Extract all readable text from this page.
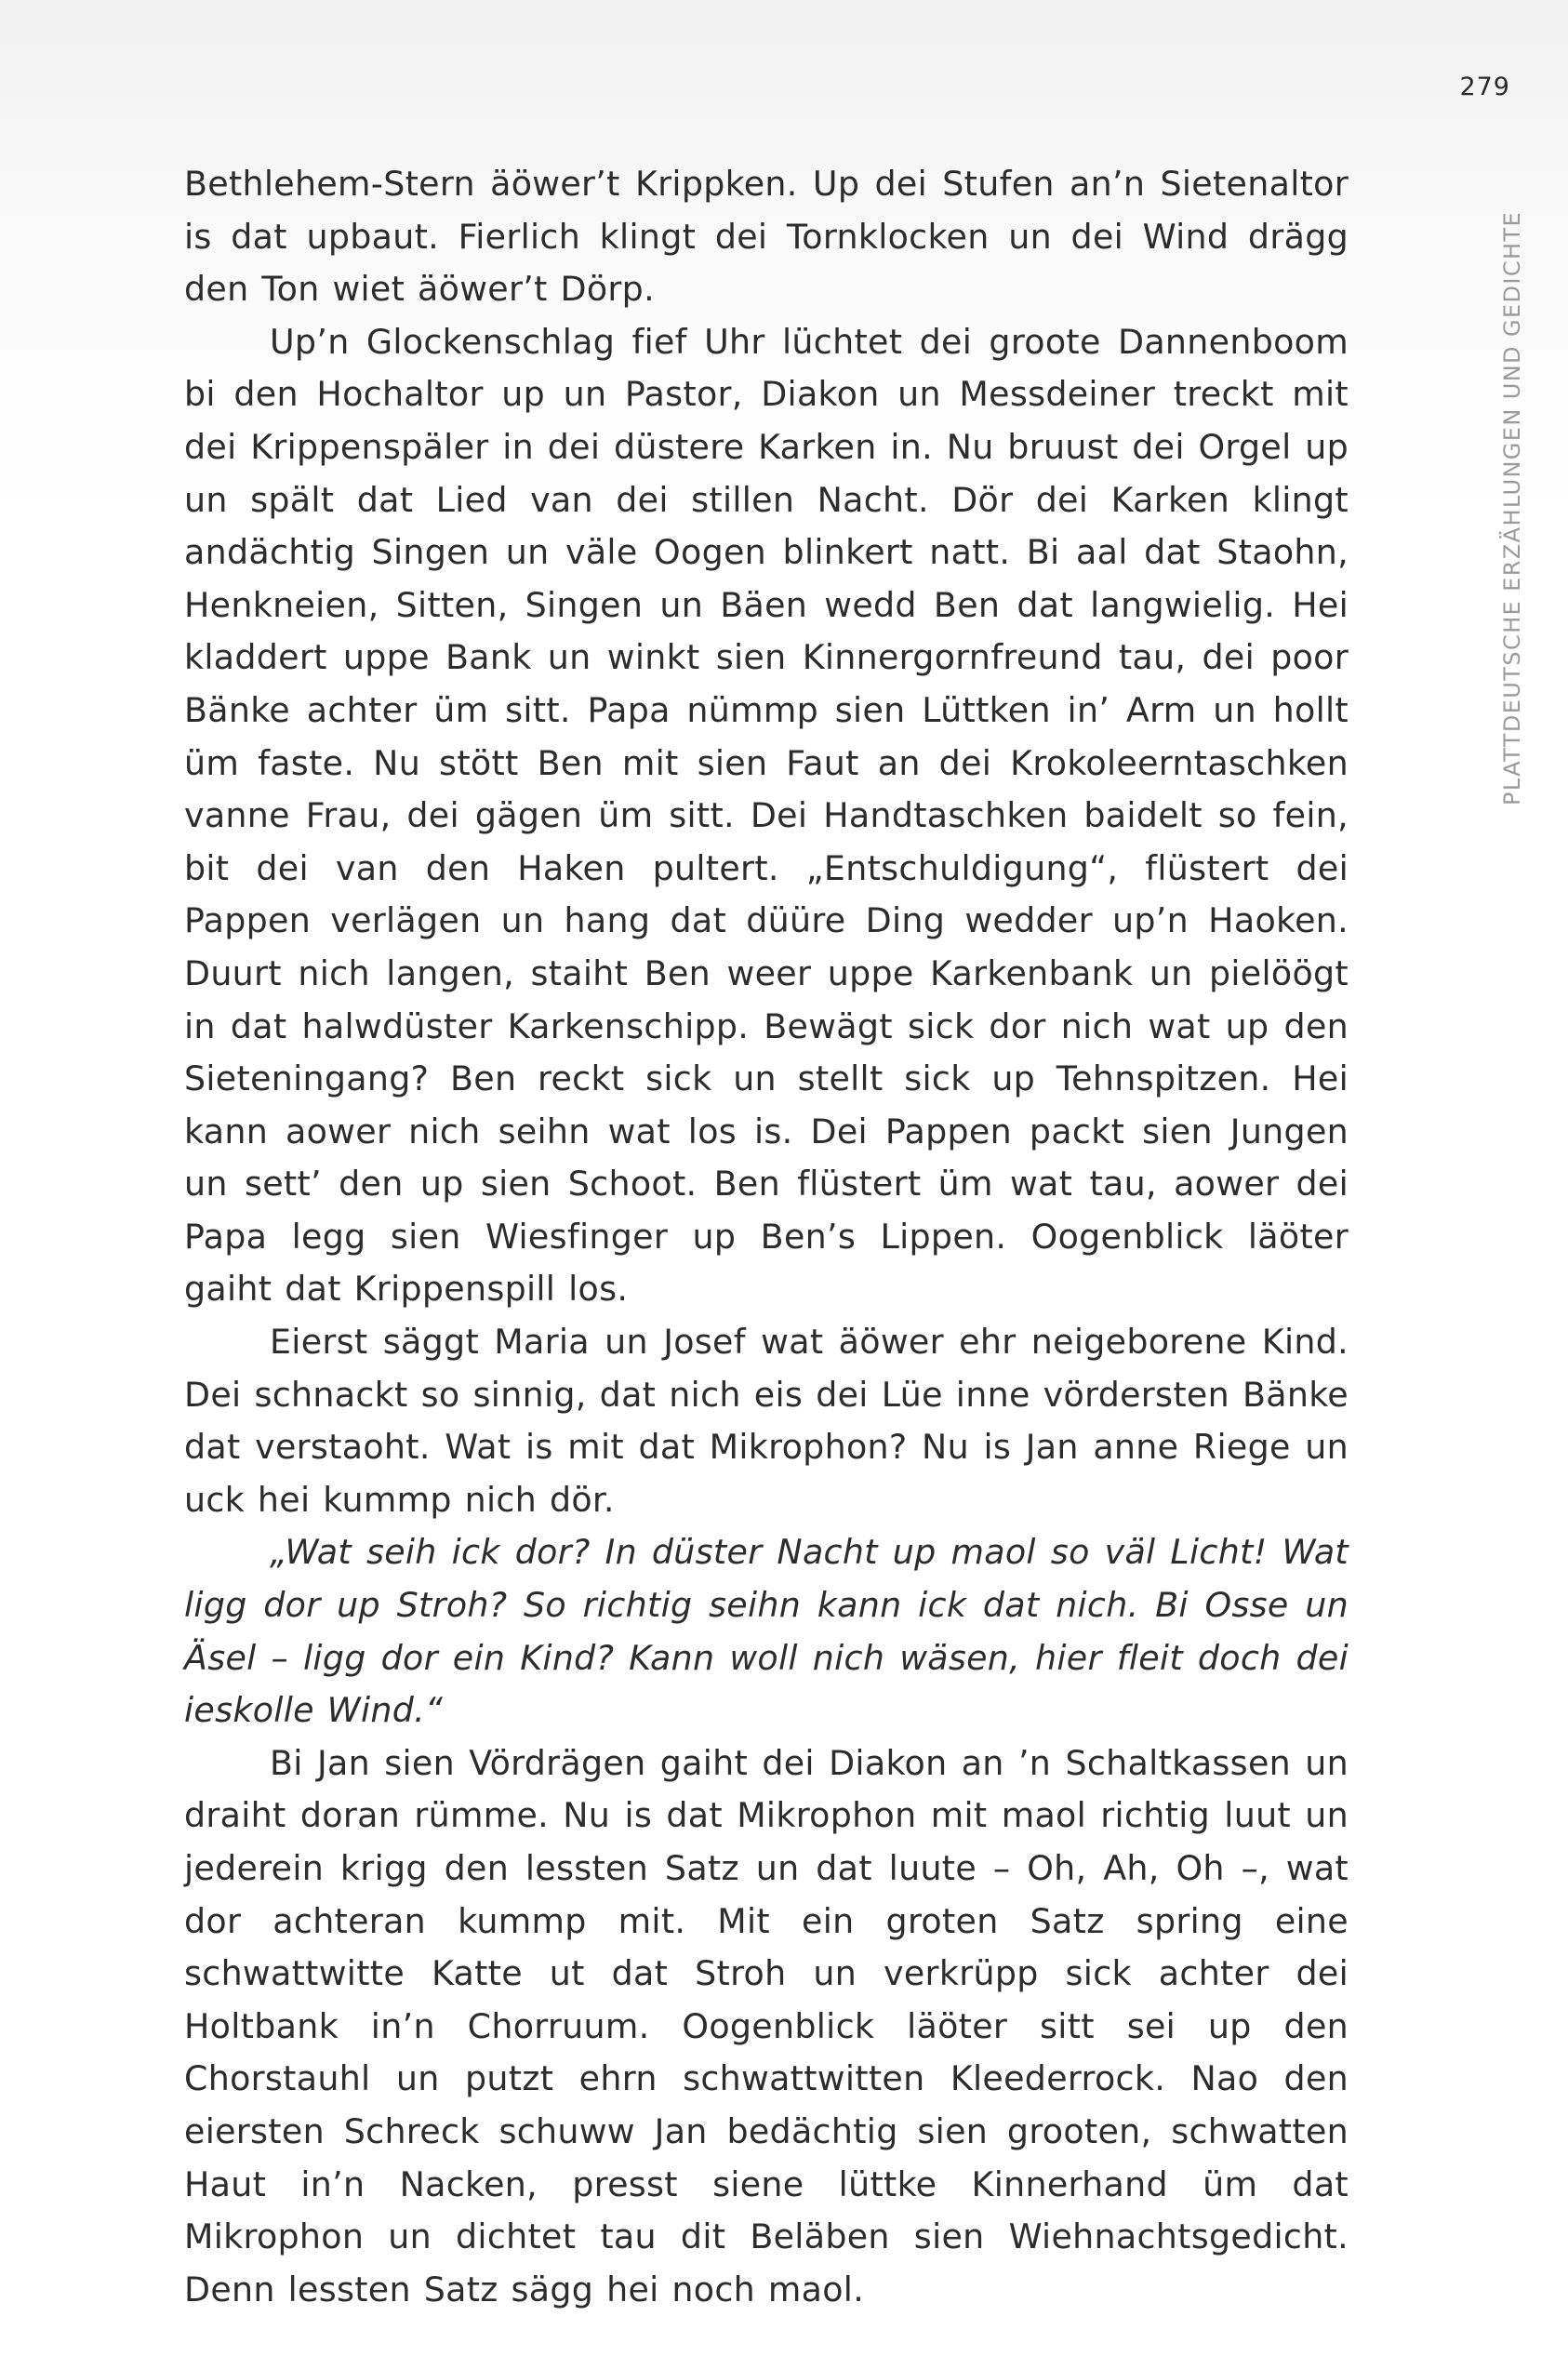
279
PLATTDEUTSCHE ERZÄHLUNGEN UND GEDICHTE

Bethlehem-Stern äöwer’t Krippken. Up dei Stufen an’n Sietenaltor is dat upbaut. Fierlich klingt dei Tornklocken un dei Wind drägg den Ton wiet äöwer’t Dörp.

Up’n Glockenschlag fief Uhr lüchtet dei groote Dannenboom bi den Hochaltor up un Pastor, Diakon un Messdeiner treckt mit dei Krippenspäler in dei düstere Karken in. Nu bruust dei Orgel up un spält dat Lied van dei stillen Nacht. Dör dei Karken klingt andächtig Singen un väle Oogen blinkert natt. Bi aal dat Staohn, Henkneien, Sitten, Singen un Bäen wedd Ben dat langwielig. Hei kladdert uppe Bank un winkt sien Kinnergornfreund tau, dei poor Bänke achter üm sitt. Papa nümmp sien Lüttken in’ Arm un hollt üm faste. Nu stött Ben mit sien Faut an dei Krokoleerntaschken vanne Frau, dei gägen üm sitt. Dei Handtaschken baidelt so fein, bit dei van den Haken pultert. „Entschuldigung“, flüstert dei Pappen verlägen un hang dat düüre Ding wedder up’n Haoken. Duurt nich langen, staiht Ben weer uppe Karkenbank un pielöögt in dat halwdüster Karkenschipp. Bewägt sick dor nich wat up den Sieteningang? Ben reckt sick un stellt sick up Tehnspitzen. Hei kann aower nich seihn wat los is. Dei Pappen packt sien Jungen un sett’ den up sien Schoot. Ben flüstert üm wat tau, aower dei Papa legg sien Wiesfinger up Ben’s Lippen. Oogenblick läöter gaiht dat Krippenspill los.

Eierst säggt Maria un Josef wat äöwer ehr neigeborene Kind. Dei schnackt so sinnig, dat nich eis dei Lüe inne vördersten Bänke dat verstaoht. Wat is mit dat Mikrophon? Nu is Jan anne Riege un uck hei kummp nich dör.

„Wat seih ick dor? In düster Nacht up maol so väl Licht! Wat ligg dor up Stroh? So richtig seihn kann ick dat nich. Bi Osse un Äsel – ligg dor ein Kind? Kann woll nich wäsen, hier fleit doch dei ieskolle Wind.“

Bi Jan sien Vördrägen gaiht dei Diakon an ’n Schaltkassen un draiht doran rümme. Nu is dat Mikrophon mit maol richtig luut un jederein krigg den lessten Satz un dat luute – Oh, Ah, Oh –, wat dor achteran kummp mit. Mit ein groten Satz spring eine schwattwitte Katte ut dat Stroh un verkrüpp sick achter dei Holtbank in’n Chorruum. Oogenblick läöter sitt sei up den Chorstauhl un putzt ehrn schwattwitten Kleederrock. Nao den eiersten Schreck schuww Jan bedächtig sien grooten, schwatten Haut in’n Nacken, presst siene lüttke Kinnerhand üm dat Mikrophon un dichtet tau dit Beläben sien Wiehnachtsgedicht. Denn lessten Satz sägg hei noch maol.
